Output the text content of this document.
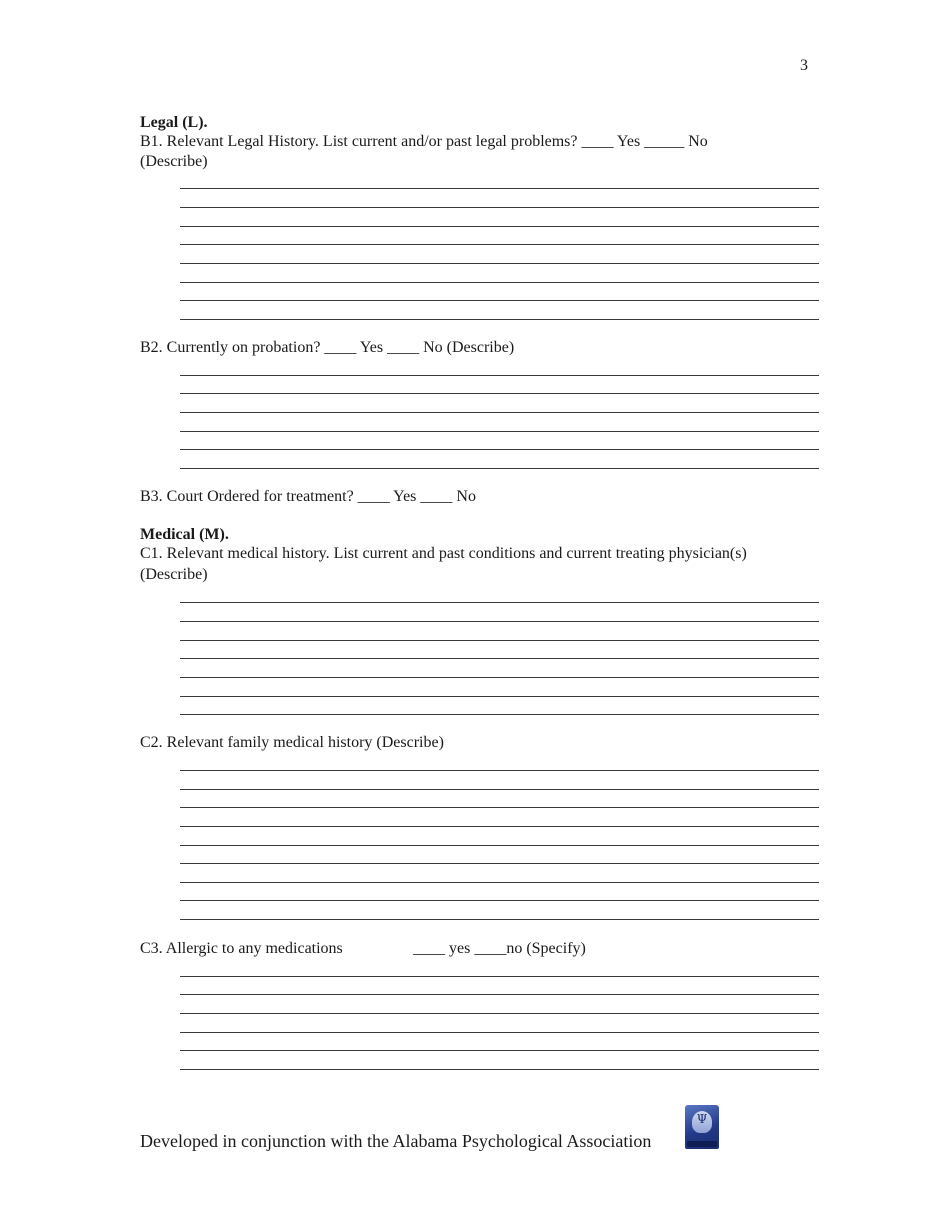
3
Legal (L).
B1. Relevant Legal History. List current and/or past legal problems? ____ Yes _____ No
(Describe)
B2. Currently on probation? ____ Yes ____ No (Describe)
B3. Court Ordered for treatment? ____ Yes ____ No
Medical (M).
C1. Relevant medical history. List current and past conditions and current treating physician(s)
(Describe)
C2. Relevant family medical history (Describe)
C3. Allergic to any medications	____ yes ____no (Specify)
Developed in conjunction with the Alabama Psychological Association
Ψ
